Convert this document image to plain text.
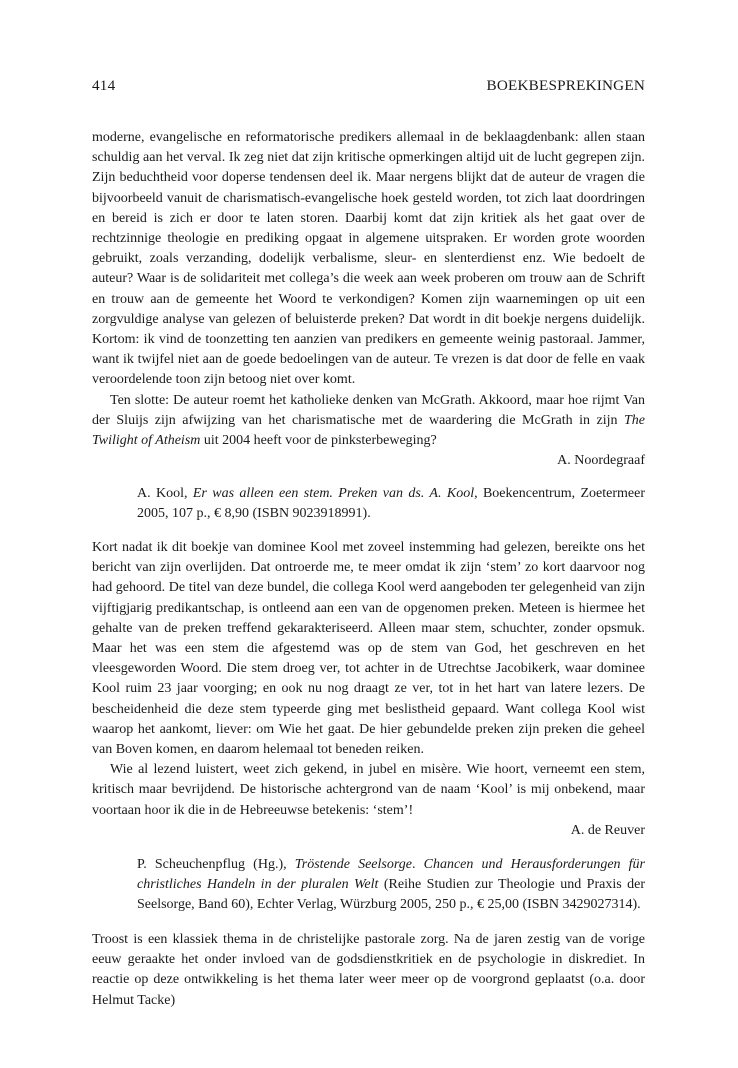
414	BOEKBESPREKINGEN

moderne, evangelische en reformatorische predikers allemaal in de beklaagdenbank: allen staan schuldig aan het verval. Ik zeg niet dat zijn kritische opmerkingen altijd uit de lucht gegrepen zijn. Zijn beduchtheid voor doperse tendensen deel ik. Maar nergens blijkt dat de auteur de vragen die bijvoorbeeld vanuit de charismatisch-evangelische hoek gesteld worden, tot zich laat doordringen en bereid is zich er door te laten storen. Daarbij komt dat zijn kritiek als het gaat over de rechtzinnige theologie en prediking opgaat in algemene uitspraken. Er worden grote woorden gebruikt, zoals verzanding, dodelijk verbalisme, sleur- en slenterdienst enz. Wie bedoelt de auteur? Waar is de solidariteit met collega’s die week aan week proberen om trouw aan de Schrift en trouw aan de gemeente het Woord te verkondigen? Komen zijn waarnemingen op uit een zorgvuldige analyse van gelezen of beluisterde preken? Dat wordt in dit boekje nergens duidelijk. Kortom: ik vind de toonzetting ten aanzien van predikers en gemeente weinig pastoraal. Jammer, want ik twijfel niet aan de goede bedoelingen van de auteur. Te vrezen is dat door de felle en vaak veroordelende toon zijn betoog niet over komt.

Ten slotte: De auteur roemt het katholieke denken van McGrath. Akkoord, maar hoe rijmt Van der Sluijs zijn afwijzing van het charismatische met de waardering die McGrath in zijn The Twilight of Atheism uit 2004 heeft voor de pinksterbeweging?

A. Noordegraaf

A. Kool, Er was alleen een stem. Preken van ds. A. Kool, Boekencentrum, Zoetermeer 2005, 107 p., € 8,90 (ISBN 9023918991).

Kort nadat ik dit boekje van dominee Kool met zoveel instemming had gelezen, bereikte ons het bericht van zijn overlijden. Dat ontroerde me, te meer omdat ik zijn ‘stem’ zo kort daarvoor nog had gehoord. De titel van deze bundel, die collega Kool werd aangeboden ter gelegenheid van zijn vijftigjarig predikantschap, is ontleend aan een van de opgenomen preken. Meteen is hiermee het gehalte van de preken treffend gekarakteriseerd. Alleen maar stem, schuchter, zonder opsmuk. Maar het was een stem die afgestemd was op de stem van God, het geschreven en het vleesgeworden Woord. Die stem droeg ver, tot achter in de Utrechtse Jacobikerk, waar dominee Kool ruim 23 jaar voorging; en ook nu nog draagt ze ver, tot in het hart van latere lezers. De bescheidenheid die deze stem typeerde ging met beslistheid gepaard. Want collega Kool wist waarop het aankomt, liever: om Wie het gaat. De hier gebundelde preken zijn preken die geheel van Boven komen, en daarom helemaal tot beneden reiken.

Wie al lezend luistert, weet zich gekend, in jubel en misère. Wie hoort, verneemt een stem, kritisch maar bevrijdend. De historische achtergrond van de naam ‘Kool’ is mij onbekend, maar voortaan hoor ik die in de Hebreeuwse betekenis: ‘stem’!

A. de Reuver

P. Scheuchenpflug (Hg.), Tröstende Seelsorge. Chancen und Herausforderungen für christliches Handeln in der pluralen Welt (Reihe Studien zur Theologie und Praxis der Seelsorge, Band 60), Echter Verlag, Würzburg 2005, 250 p., € 25,00 (ISBN 3429027314).

Troost is een klassiek thema in de christelijke pastorale zorg. Na de jaren zestig van de vorige eeuw geraakte het onder invloed van de godsdienstkritiek en de psychologie in diskrediet. In reactie op deze ontwikkeling is het thema later weer meer op de voorgrond geplaatst (o.a. door Helmut Tacke)
